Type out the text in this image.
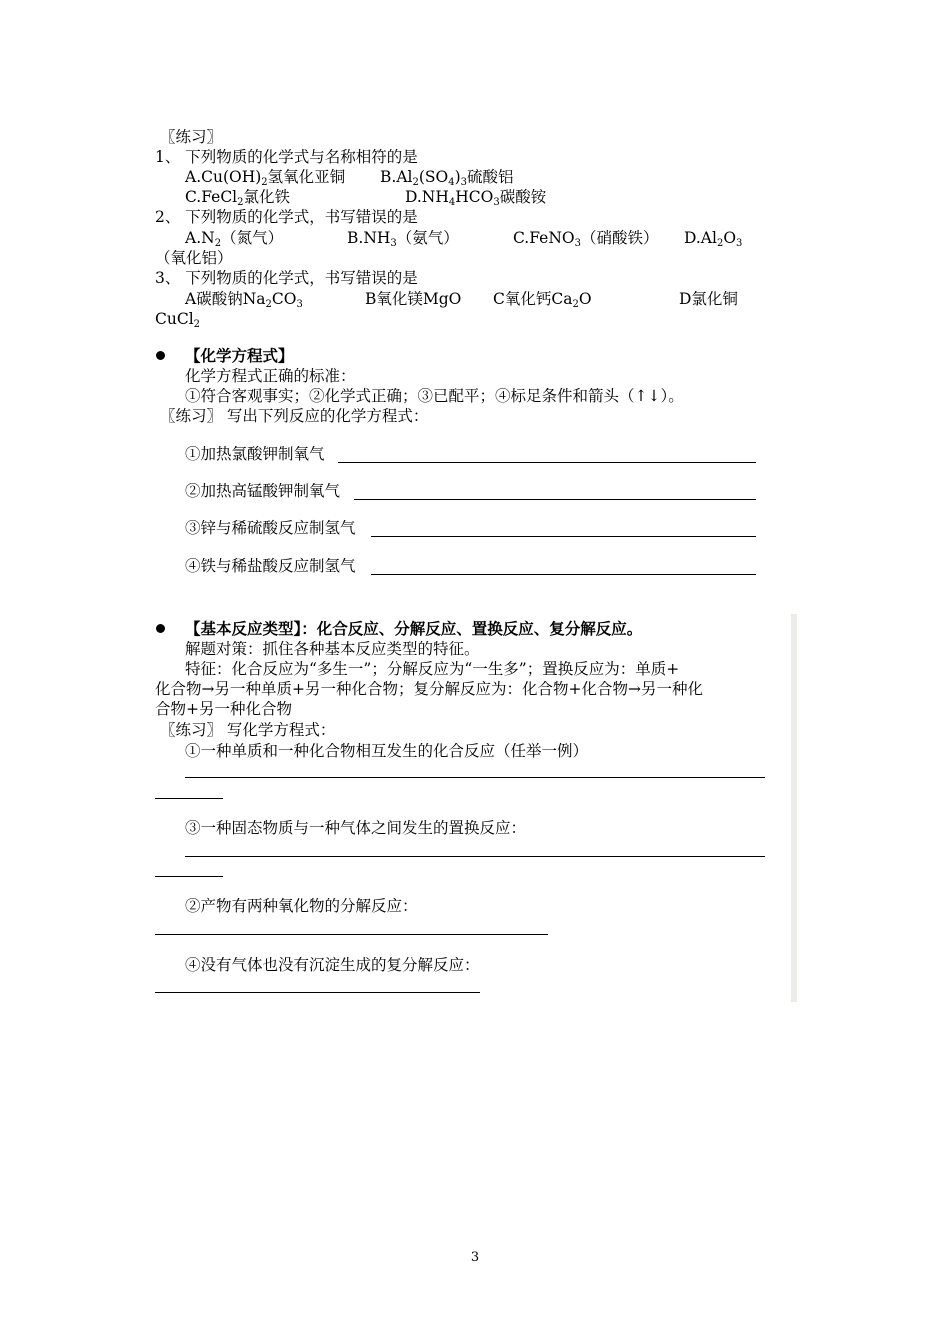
〖练习〗
1、 下列物质的化学式与名称相符的是
$A.Cu(OH)_2$氢氧化亚铜 $B.Al_2(SO_4)_3$硫酸铝
C.FeCl$_2$氯化铁	$D.NH_4HCO_3$碳酸铵
2、 下列物质的化学式，书写错误的是
$A.N_2$（氮气）	$B.NH_3$（氨气）	C.FeNO$_3$（硝酸铁） $D.Al_2O_3$
（氧化铝）
3、 下列物质的化学式，书写错误的是
A碳酸钠$Na_2CO_3$	B氧化镁MgO C氧化钙$Ca_2O$	D氯化铜
CuCl$_2$
【化学方程式】
化学方程式正确的标准：
①符合客观事实；②化学式正确；③已配平；④标足条件和箭头（↑↓）。
〖练习〗 写出下列反应的化学方程式：
①加热氯酸钾制氧气
②加热高锰酸钾制氧气
③锌与稀硫酸反应制氢气
④铁与稀盐酸反应制氢气
【基本反应类型】：化合反应、分解反应、置换反应、复分解反应。
解题对策：抓住各种基本反应类型的特征。
特征：化合反应为“多生一”；分解反应为“一生多”；置换反应为：单质+
化合物→另一种单质+另一种化合物；复分解反应为：化合物+化合物→另一种化
合物+另一种化合物
〖练习〗 写化学方程式：
①一种单质和一种化合物相互发生的化合反应（任举一例）
③一种固态物质与一种气体之间发生的置换反应：
②产物有两种氧化物的分解反应：
④没有气体也没有沉淀生成的复分解反应：
3
